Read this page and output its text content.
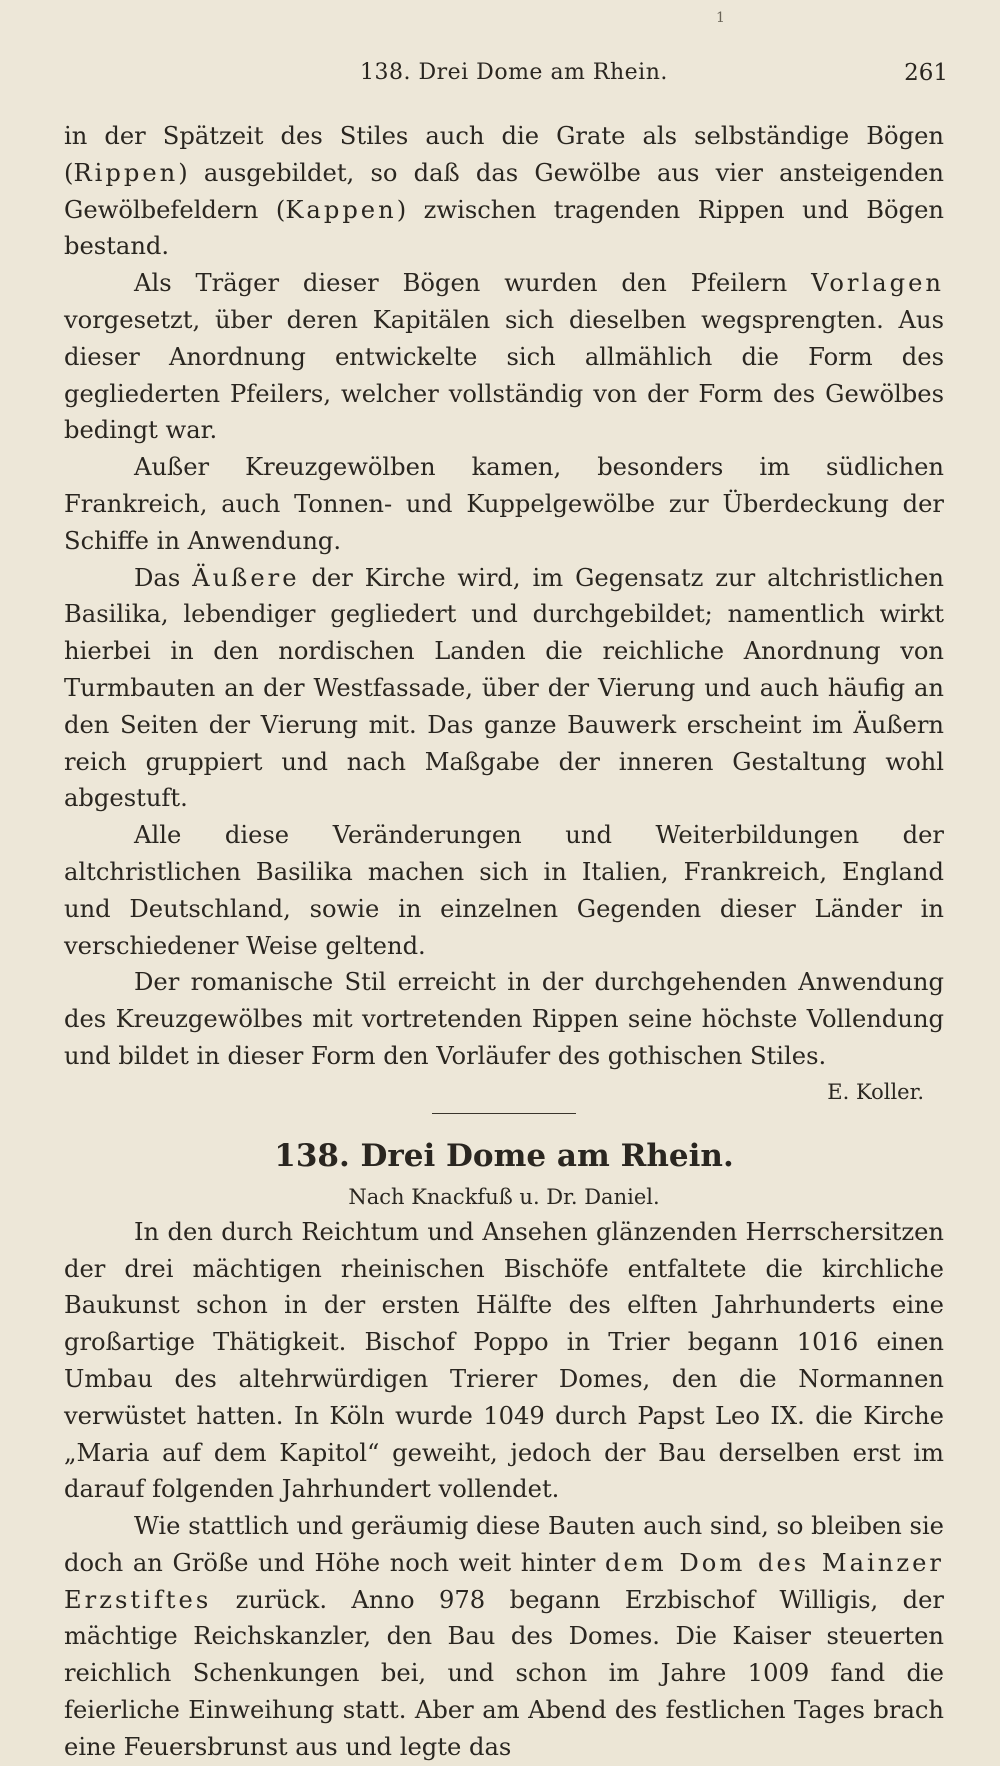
1
138. Drei Dome am Rhein.	261

in der Spätzeit des Stiles auch die Grate als selbständige Bögen (Rippen) ausgebildet, so daß das Gewölbe aus vier ansteigenden Gewölbefeldern (Kappen) zwischen tragenden Rippen und Bögen bestand.

Als Träger dieser Bögen wurden den Pfeilern Vorlagen vorgesetzt, über deren Kapitälen sich dieselben wegsprengten. Aus dieser Anordnung entwickelte sich allmählich die Form des gegliederten Pfeilers, welcher vollständig von der Form des Gewölbes bedingt war.

Außer Kreuzgewölben kamen, besonders im südlichen Frankreich, auch Tonnen- und Kuppelgewölbe zur Überdeckung der Schiffe in Anwendung.

Das Äußere der Kirche wird, im Gegensatz zur altchristlichen Basilika, lebendiger gegliedert und durchgebildet; namentlich wirkt hierbei in den nordischen Landen die reichliche Anordnung von Turmbauten an der Westfassade, über der Vierung und auch häufig an den Seiten der Vierung mit. Das ganze Bauwerk erscheint im Äußern reich gruppiert und nach Maßgabe der inneren Gestaltung wohl abgestuft.

Alle diese Veränderungen und Weiterbildungen der altchristlichen Basilika machen sich in Italien, Frankreich, England und Deutschland, sowie in einzelnen Gegenden dieser Länder in verschiedener Weise geltend.

Der romanische Stil erreicht in der durchgehenden Anwendung des Kreuzgewölbes mit vortretenden Rippen seine höchste Vollendung und bildet in dieser Form den Vorläufer des gothischen Stiles.

E. Koller.

138. Drei Dome am Rhein.

Nach Knackfuß u. Dr. Daniel.

In den durch Reichtum und Ansehen glänzenden Herrschersitzen der drei mächtigen rheinischen Bischöfe entfaltete die kirchliche Baukunst schon in der ersten Hälfte des elften Jahrhunderts eine großartige Thätigkeit. Bischof Poppo in Trier begann 1016 einen Umbau des altehrwürdigen Trierer Domes, den die Normannen verwüstet hatten. In Köln wurde 1049 durch Papst Leo IX. die Kirche „Maria auf dem Kapitol“ geweiht, jedoch der Bau derselben erst im darauf folgenden Jahrhundert vollendet.

Wie stattlich und geräumig diese Bauten auch sind, so bleiben sie doch an Größe und Höhe noch weit hinter dem Dom des Mainzer Erzstiftes zurück. Anno 978 begann Erzbischof Willigis, der mächtige Reichskanzler, den Bau des Domes. Die Kaiser steuerten reichlich Schenkungen bei, und schon im Jahre 1009 fand die feierliche Einweihung statt. Aber am Abend des festlichen Tages brach eine Feuersbrunst aus und legte das
